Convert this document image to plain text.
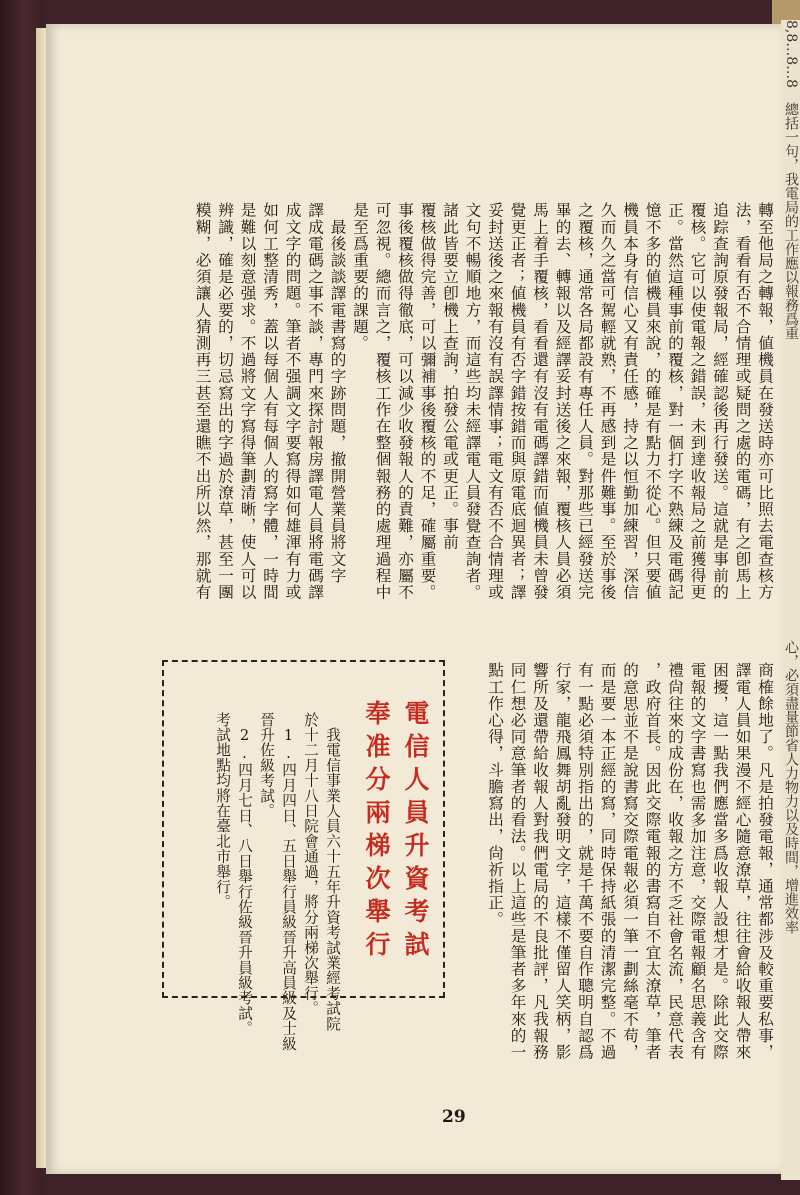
轉至他局之轉報，値機員在發送時亦可比照去電查核方
法，看看有否不合情理或疑問之處的電碼，有之卽馬上
追踪查詢原發報局，經確認後再行發送。這就是事前的
覆核。它可以使電報之錯誤，未到達收報局之前獲得更
正。當然這種事前的覆核，對一個打字不熟練及電碼記
憶不多的値機員來說，的確是有點力不從心。但只要値
機員本身有信心又有責任感，持之以恒勤加練習，深信
久而久之當可駕輕就熟，不再感到是件難事。至於事後
之覆核，通常各局都設有專任人員。對那些已經發送完
畢的去、轉報以及經譯妥封送後之來報，覆核人員必須
馬上着手覆核，看看還有沒有電碼譯錯而値機員未曾發
覺更正者；値機員有否字錯按錯而與原電底迴異者；譯
妥封送後之來報有沒有誤譯情事；電文有否不合情理或
文句不暢順地方，而這些均未經譯電人員發覺查詢者。
諸此皆要立卽機上查詢，拍發公電或更正。事前
覆核做得完善，可以彌補事後覆核的不足，確屬重要。
事後覆核做得徹底，可以減少收發報人的責難，亦屬不
可忽視。總而言之，覆核工作在整個報務的處理過程中
是至爲重要的課題。
　最後談談譯電書寫的字跡問題，撤開營業員將文字
譯成電碼之事不談，專門來探討報房譯電人員將電碼譯
成文字的問題。筆者不强調文字要寫得如何雄渾有力或
如何工整清秀，蓋以每個人有每個人的寫字體，一時間
是難以刻意强求。不過將文字寫得筆劃清晰，使人可以
辨識，確是必要的，切忌寫出的字過於潦草，甚至一團
糢糊，必須讓人猜測再三甚至還瞧不出所以然，那就有

商榷餘地了。凡是拍發電報，通常都涉及較重要私事，
譯電人員如果漫不經心隨意潦草，往往會給收報人帶來
困擾，這一點我們應當多爲收報人設想才是。除此交際
電報的文字書寫也需多加注意，交際電報顧名思義含有
禮尙往來的成份在，收報之方不乏社會名流，民意代表
，政府首長。因此交際電報的書寫自不宜太潦草，筆者
的意思並不是說書寫交際電報必須一筆一劃絲毫不苟，
而是要一本正經的寫，同時保持紙張的清潔完整。不過
有一點必須特別指出的，就是千萬不要自作聰明自認爲
行家，龍飛鳳舞胡亂發明文字，這樣不僅留人笑柄，影
響所及還帶給收報人對我們電局的不良批評，凡我報務
同仁想必同意筆者的看法。以上這些是筆者多年來的一
點工作心得，斗膽寫出，尙祈指正。

電信人員升資考試

奉准分兩梯次舉行

　我電信事業人員六十五年升資考試業經考試院
於十二月十八日院會通過，將分兩梯次舉行。
　1.四月四日、五日舉行員級晉升高員級及士級
晉升佐級考試。
　2.四月七日、八日舉行佐級晉升員級考試。
考試地點均將在臺北市舉行。

29
8,8…8…8　總括一句，我電局的工作應以報務爲重
心，必須盡量節省人力物力以及時間，增進效率
